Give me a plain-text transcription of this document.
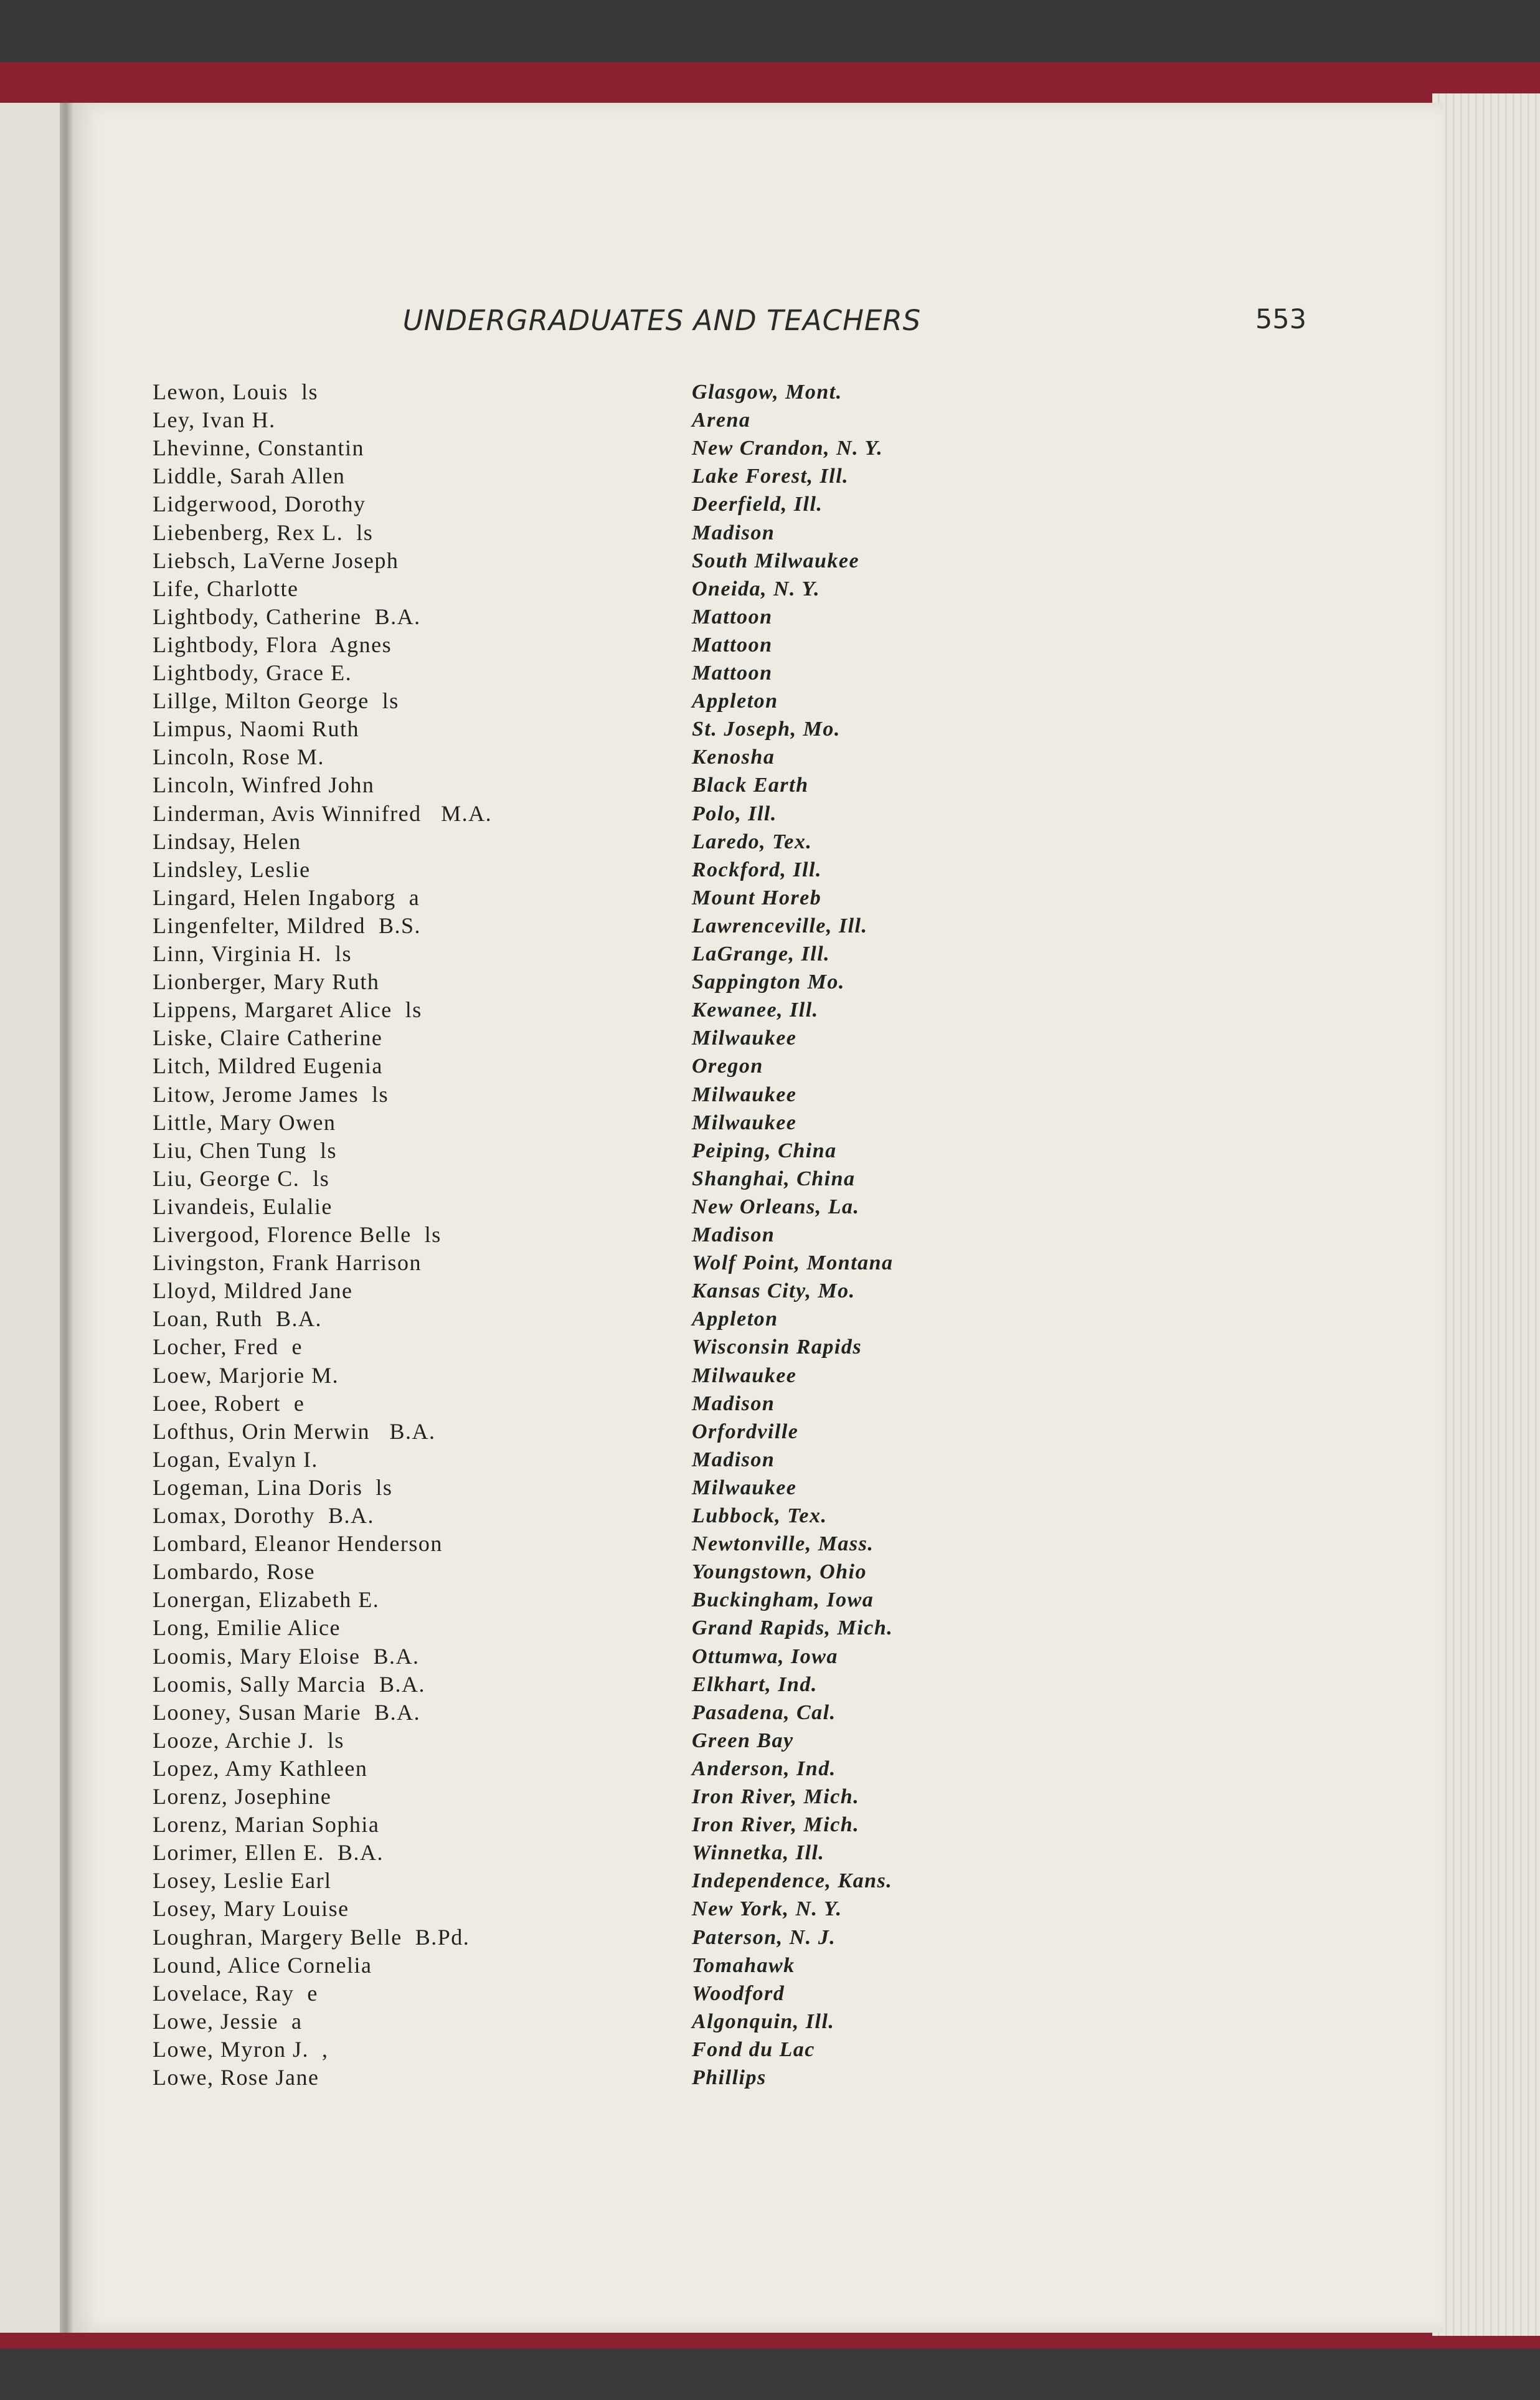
UNDERGRADUATES AND TEACHERS	553
Lewon, Louis  ls	Glasgow, Mont.
Ley, Ivan H.	Arena
Lhevinne, Constantin	New Crandon, N. Y.
Liddle, Sarah Allen	Lake Forest, Ill.
Lidgerwood, Dorothy	Deerfield, Ill.
Liebenberg, Rex L.  ls	Madison
Liebsch, LaVerne Joseph	South Milwaukee
Life, Charlotte	Oneida, N. Y.
Lightbody, Catherine  B.A.	Mattoon
Lightbody, Flora  Agnes	Mattoon
Lightbody, Grace E.	Mattoon
Lillge, Milton George  ls	Appleton
Limpus, Naomi Ruth	St. Joseph, Mo.
Lincoln, Rose M.	Kenosha
Lincoln, Winfred John	Black Earth
Linderman, Avis Winnifred   M.A.	Polo, Ill.
Lindsay, Helen	Laredo, Tex.
Lindsley, Leslie	Rockford, Ill.
Lingard, Helen Ingaborg  a	Mount Horeb
Lingenfelter, Mildred  B.S.	Lawrenceville, Ill.
Linn, Virginia H.  ls	LaGrange, Ill.
Lionberger, Mary Ruth	Sappington Mo.
Lippens, Margaret Alice  ls	Kewanee, Ill.
Liske, Claire Catherine	Milwaukee
Litch, Mildred Eugenia	Oregon
Litow, Jerome James  ls	Milwaukee
Little, Mary Owen	Milwaukee
Liu, Chen Tung  ls	Peiping, China
Liu, George C.  ls	Shanghai, China
Livandeis, Eulalie	New Orleans, La.
Livergood, Florence Belle  ls	Madison
Livingston, Frank Harrison	Wolf Point, Montana
Lloyd, Mildred Jane	Kansas City, Mo.
Loan, Ruth  B.A.	Appleton
Locher, Fred  e	Wisconsin Rapids
Loew, Marjorie M.	Milwaukee
Loee, Robert  e	Madison
Lofthus, Orin Merwin   B.A.	Orfordville
Logan, Evalyn I.	Madison
Logeman, Lina Doris  ls	Milwaukee
Lomax, Dorothy  B.A.	Lubbock, Tex.
Lombard, Eleanor Henderson	Newtonville, Mass.
Lombardo, Rose	Youngstown, Ohio
Lonergan, Elizabeth E.	Buckingham, Iowa
Long, Emilie Alice	Grand Rapids, Mich.
Loomis, Mary Eloise  B.A.	Ottumwa, Iowa
Loomis, Sally Marcia  B.A.	Elkhart, Ind.
Looney, Susan Marie  B.A.	Pasadena, Cal.
Looze, Archie J.  ls	Green Bay
Lopez, Amy Kathleen	Anderson, Ind.
Lorenz, Josephine	Iron River, Mich.
Lorenz, Marian Sophia	Iron River, Mich.
Lorimer, Ellen E.  B.A.	Winnetka, Ill.
Losey, Leslie Earl	Independence, Kans.
Losey, Mary Louise	New York, N. Y.
Loughran, Margery Belle  B.Pd.	Paterson, N. J.
Lound, Alice Cornelia	Tomahawk
Lovelace, Ray  e	Woodford
Lowe, Jessie  a	Algonquin, Ill.
Lowe, Myron J.  ,	Fond du Lac
Lowe, Rose Jane	Phillips
